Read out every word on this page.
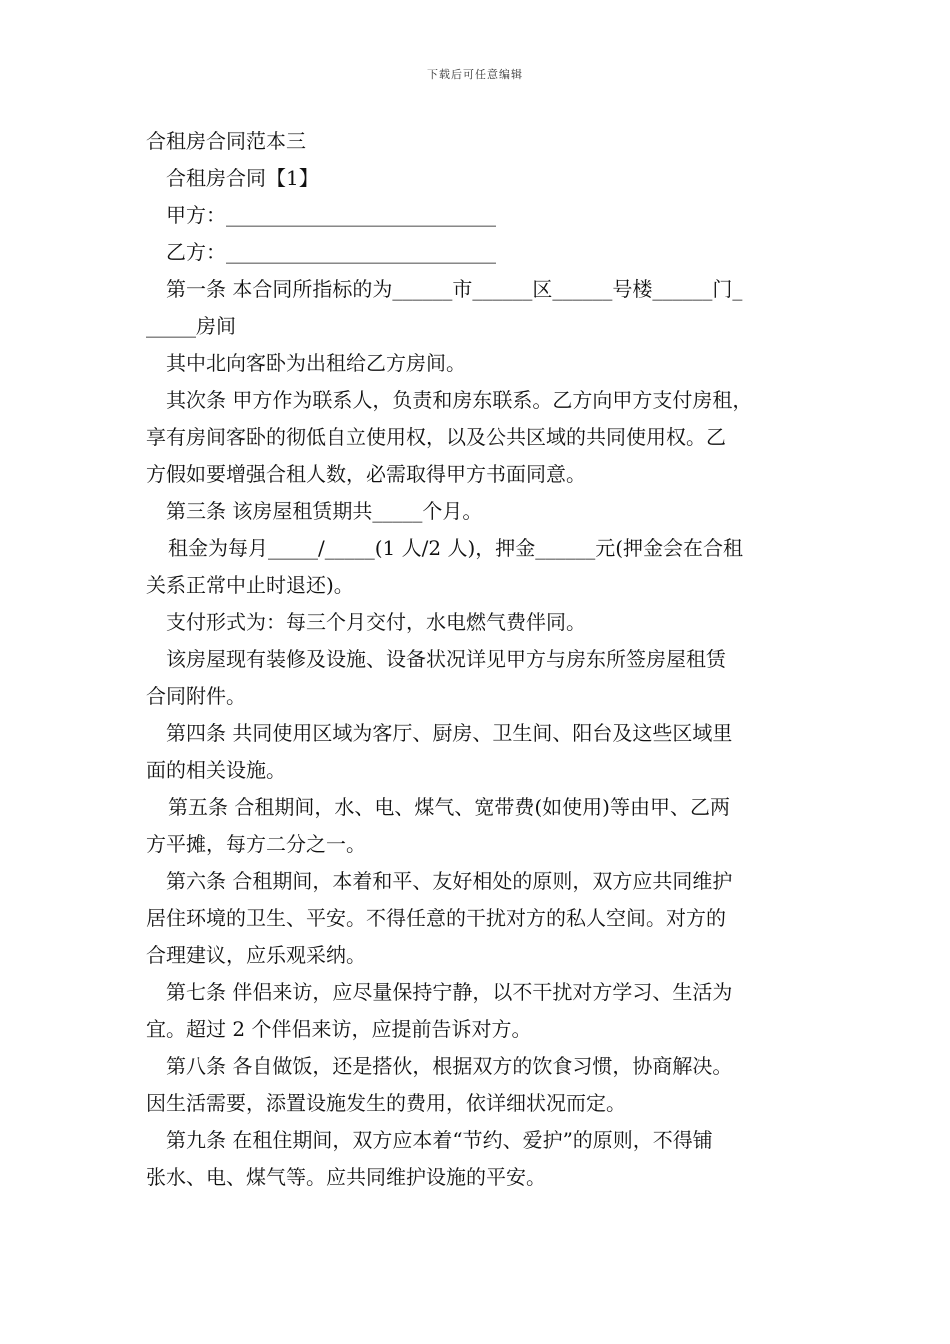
下载后可任意编辑
合租房合同范本三
合租房合同【1】
甲方：___________________________
乙方：___________________________
第一条 本合同所指标的为______市______区______号楼______门_
_____房间
其中北向客卧为出租给乙方房间。
其次条 甲方作为联系人，负责和房东联系。乙方向甲方支付房租，
享有房间客卧的彻低自立使用权，以及公共区域的共同使用权。乙
方假如要增强合租人数，必需取得甲方书面同意。
第三条 该房屋租赁期共_____个月。
租金为每月_____/_____(1 人/2 人)，押金______元(押金会在合租
关系正常中止时退还)。
支付形式为：每三个月交付，水电燃气费伴同。
该房屋现有装修及设施、设备状况详见甲方与房东所签房屋租赁
合同附件。
第四条 共同使用区域为客厅、厨房、卫生间、阳台及这些区域里
面的相关设施。
第五条 合租期间，水、电、煤气、宽带费(如使用)等由甲、乙两
方平摊，每方二分之一。
第六条 合租期间，本着和平、友好相处的原则，双方应共同维护
居住环境的卫生、平安。不得任意的干扰对方的私人空间。对方的
合理建议，应乐观采纳。
第七条 伴侣来访，应尽量保持宁静，以不干扰对方学习、生活为
宜。超过 2 个伴侣来访，应提前告诉对方。
第八条 各自做饭，还是搭伙，根据双方的饮食习惯，协商解决。
因生活需要，添置设施发生的费用，依详细状况而定。
第九条 在租住期间，双方应本着“节约、爱护”的原则，不得铺
张水、电、煤气等。应共同维护设施的平安。
